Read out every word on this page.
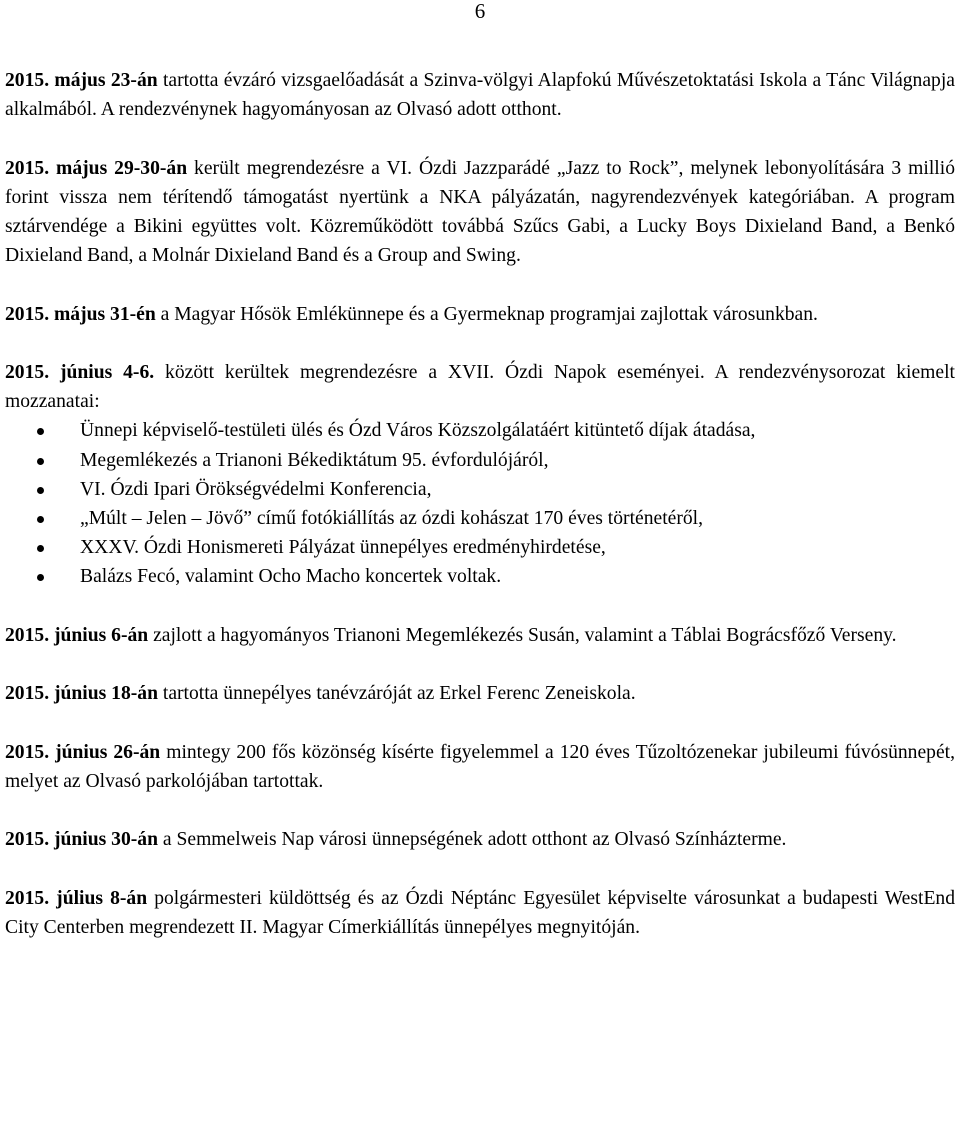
6

2015. május 23-án tartotta évzáró vizsgaelőadását a Szinva-völgyi Alapfokú Művészetoktatási Iskola a Tánc Világnapja alkalmából. A rendezvénynek hagyományosan az Olvasó adott otthont.

2015. május 29-30-án került megrendezésre a VI. Ózdi Jazzparádé „Jazz to Rock”, melynek lebonyolítására 3 millió forint vissza nem térítendő támogatást nyertünk a NKA pályázatán, nagyrendezvények kategóriában. A program sztárvendége a Bikini együttes volt. Közreműködött továbbá Szűcs Gabi, a Lucky Boys Dixieland Band, a Benkó Dixieland Band, a Molnár Dixieland Band és a Group and Swing.

2015. május 31-én a Magyar Hősök Emlékünnepe és a Gyermeknap programjai zajlottak városunkban.

2015. június 4-6. között kerültek megrendezésre a XVII. Ózdi Napok eseményei. A rendezvénysorozat kiemelt mozzanatai:

Ünnepi képviselő-testületi ülés és Ózd Város Közszolgálatáért kitüntető díjak átadása,
Megemlékezés a Trianoni Békediktátum 95. évfordulójáról,
VI. Ózdi Ipari Örökségvédelmi Konferencia,
„Múlt – Jelen – Jövő” című fotókiállítás az ózdi kohászat 170 éves történetéről,
XXXV. Ózdi Honismereti Pályázat ünnepélyes eredményhirdetése,
Balázs Fecó, valamint Ocho Macho koncertek voltak.

2015. június 6-án zajlott a hagyományos Trianoni Megemlékezés Susán, valamint a Táblai Bográcsfőző Verseny.

2015. június 18-án tartotta ünnepélyes tanévzáróját az Erkel Ferenc Zeneiskola.

2015. június 26-án mintegy 200 fős közönség kísérte figyelemmel a 120 éves Tűzoltózenekar jubileumi fúvósünnepét, melyet az Olvasó parkolójában tartottak.

2015. június 30-án a Semmelweis Nap városi ünnepségének adott otthont az Olvasó Színházterme.

2015. július 8-án polgármesteri küldöttség és az Ózdi Néptánc Egyesület képviselte városunkat a budapesti WestEnd City Centerben megrendezett II. Magyar Címerkiállítás ünnepélyes megnyitóján.
